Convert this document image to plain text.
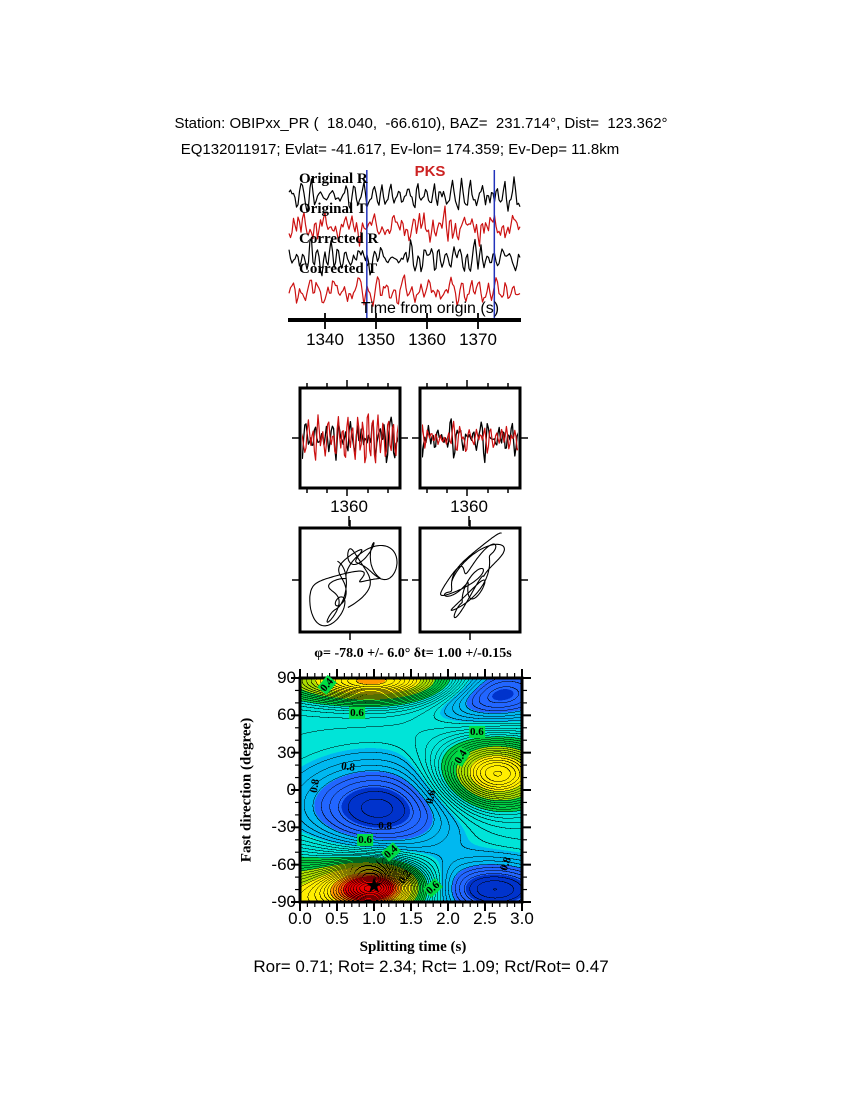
Station: OBIPxx_PR (  18.040,  -66.610), BAZ=  231.714°, Dist=  123.362°
EQ132011917; Evlat= -41.617, Ev-lon= 174.359; Ev-Dep= 11.8km
PKS
Original R
Original T
Corrected R
Corrected T
Time from origin (s)
1360	1360
φ= -78.0 +/- 6.0° δt= 1.00 +/-0.15s
Fast direction (degree)
Splitting time (s)
★
Ror= 0.71; Rot= 2.34; Rct= 1.09; Rct/Rot= 0.47
1340 1350 1360 1370
0.0 0.5 1.0 1.5 2.0 2.5 3.0
90
60
30
0
-30
-60
-90
0.4
0.6
0.6
0.4
0.8
0.8
0.6
0.8
0.6
0.4
0.2
0.6
0.8
